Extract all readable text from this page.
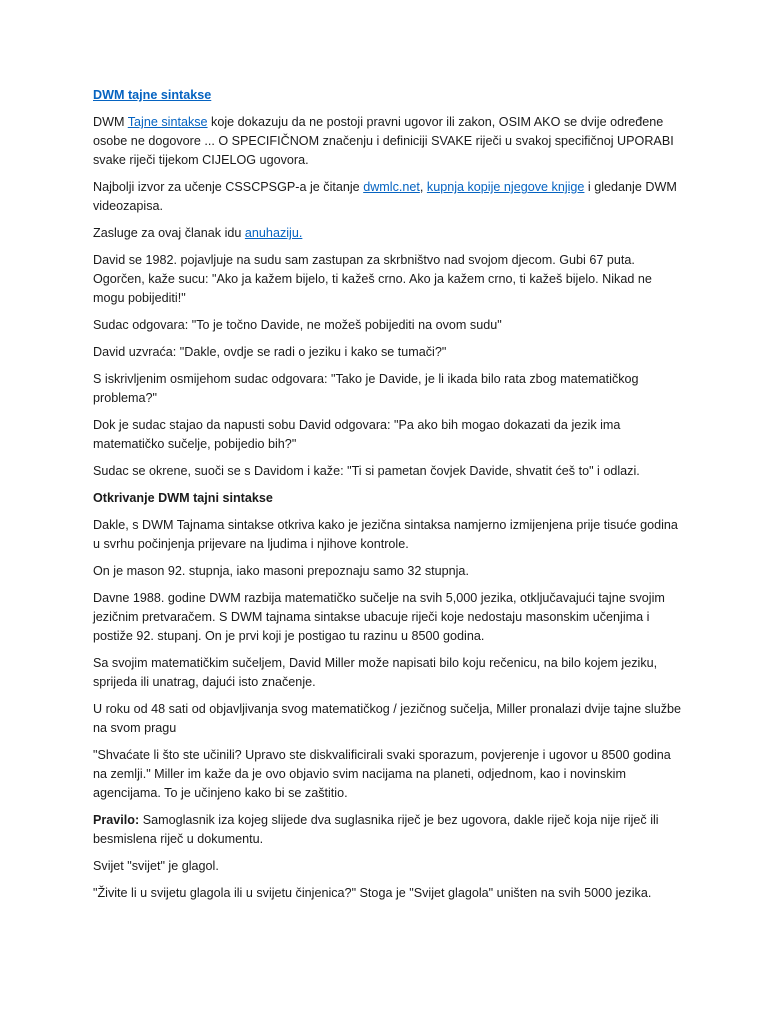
DWM tajne sintakse

DWM Tajne sintakse koje dokazuju da ne postoji pravni ugovor ili zakon, OSIM AKO se dvije određene osobe ne dogovore ... O SPECIFIČNOM značenju i definiciji SVAKE riječi u svakoj specifičnoj UPORABI svake riječi tijekom CIJELOG ugovora.

Najbolji izvor za učenje CSSCPSGP-a je čitanje dwmlc.net, kupnja kopije njegove knjige i gledanje DWM videozapisa.

Zasluge za ovaj članak idu anuhaziju.

David se 1982. pojavljuje na sudu sam zastupan za skrbništvo nad svojom djecom. Gubi 67 puta. Ogorčen, kaže sucu: "Ako ja kažem bijelo, ti kažeš crno. Ako ja kažem crno, ti kažeš bijelo. Nikad ne mogu pobijediti!"

Sudac odgovara: "To je točno Davide, ne možeš pobijediti na ovom sudu"

David uzvraća: "Dakle, ovdje se radi o jeziku i kako se tumači?"

S iskrivljenim osmijehom sudac odgovara: "Tako je Davide, je li ikada bilo rata zbog matematičkog problema?"

Dok je sudac stajao da napusti sobu David odgovara: "Pa ako bih mogao dokazati da jezik ima matematičko sučelje, pobijedio bih?"

Sudac se okrene, suoči se s Davidom i kaže: "Ti si pametan čovjek Davide, shvatit ćeš to" i odlazi.

Otkrivanje DWM tajni sintakse

Dakle, s DWM Tajnama sintakse otkriva kako je jezična sintaksa namjerno izmijenjena prije tisuće godina u svrhu počinjenja prijevare na ljudima i njihove kontrole.

On je mason 92. stupnja, iako masoni prepoznaju samo 32 stupnja.

Davne 1988. godine DWM razbija matematičko sučelje na svih 5,000 jezika, otključavajući tajne svojim jezičnim pretvaračem. S DWM tajnama sintakse ubacuje riječi koje nedostaju masonskim učenjima i postiže 92. stupanj. On je prvi koji je postigao tu razinu u 8500 godina.

Sa svojim matematičkim sučeljem, David Miller može napisati bilo koju rečenicu, na bilo kojem jeziku, sprijeda ili unatrag, dajući isto značenje.

U roku od 48 sati od objavljivanja svog matematičkog / jezičnog sučelja, Miller pronalazi dvije tajne službe na svom pragu

"Shvaćate li što ste učinili? Upravo ste diskvalificirali svaki sporazum, povjerenje i ugovor u 8500 godina na zemlji." Miller im kaže da je ovo objavio svim nacijama na planeti, odjednom, kao i novinskim agencijama. To je učinjeno kako bi se zaštitio.

Pravilo: Samoglasnik iza kojeg slijede dva suglasnika riječ je bez ugovora, dakle riječ koja nije riječ ili besmislena riječ u dokumentu.

Svijet "svijet" je glagol.

"Živite li u svijetu glagola ili u svijetu činjenica?" Stoga je "Svijet glagola" uništen na svih 5000 jezika.
